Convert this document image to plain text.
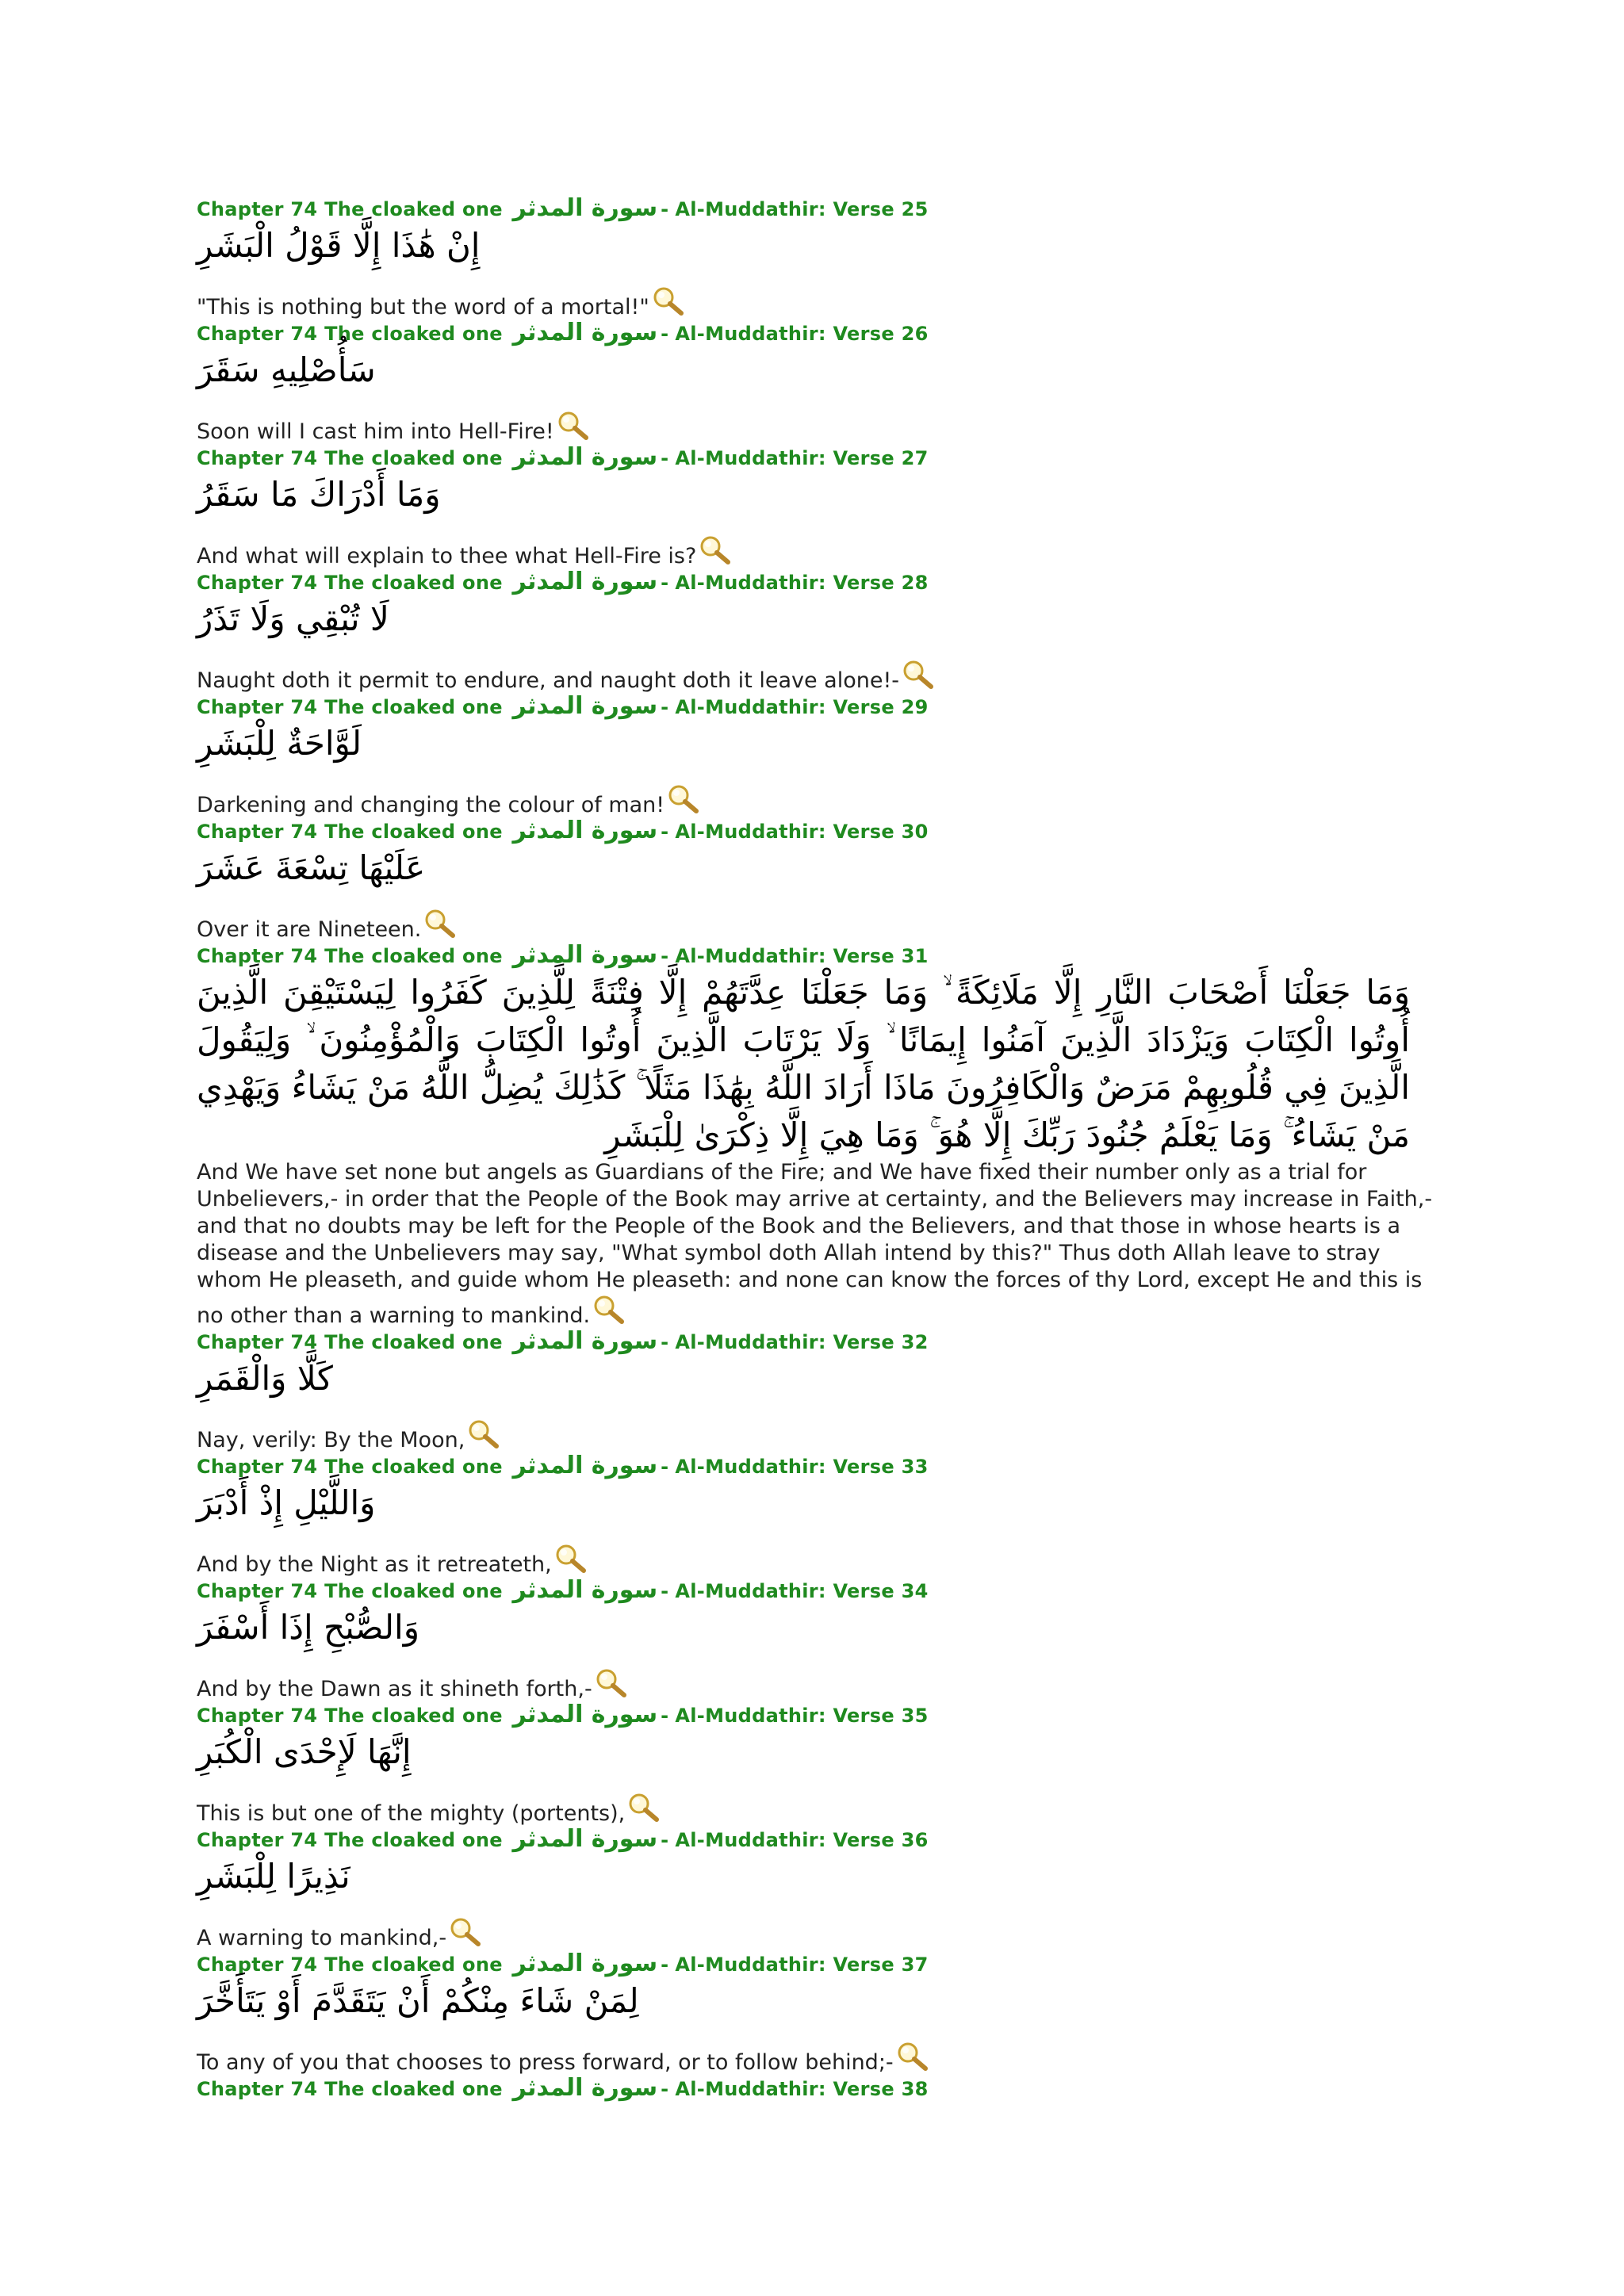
Chapter 74 The cloaked one سورة المدثر - Al-Muddathir: Verse 25
إِنْ هَٰذَا إِلَّا قَوْلُ الْبَشَرِ
"This is nothing but the word of a mortal!"
Chapter 74 The cloaked one سورة المدثر - Al-Muddathir: Verse 26
سَأُصْلِيهِ سَقَرَ
Soon will I cast him into Hell-Fire!
Chapter 74 The cloaked one سورة المدثر - Al-Muddathir: Verse 27
وَمَا أَدْرَاكَ مَا سَقَرُ
And what will explain to thee what Hell-Fire is?
Chapter 74 The cloaked one سورة المدثر - Al-Muddathir: Verse 28
لَا تُبْقِي وَلَا تَذَرُ
Naught doth it permit to endure, and naught doth it leave alone!-
Chapter 74 The cloaked one سورة المدثر - Al-Muddathir: Verse 29
لَوَّاحَةٌ لِلْبَشَرِ
Darkening and changing the colour of man!
Chapter 74 The cloaked one سورة المدثر - Al-Muddathir: Verse 30
عَلَيْهَا تِسْعَةَ عَشَرَ
Over it are Nineteen.
Chapter 74 The cloaked one سورة المدثر - Al-Muddathir: Verse 31
وَمَا جَعَلْنَا أَصْحَابَ النَّارِ إِلَّا مَلَائِكَةً ۙ وَمَا جَعَلْنَا عِدَّتَهُمْ إِلَّا فِتْنَةً لِلَّذِينَ كَفَرُوا لِيَسْتَيْقِنَ الَّذِينَ أُوتُوا الْكِتَابَ وَيَزْدَادَ الَّذِينَ آمَنُوا إِيمَانًا ۙ وَلَا يَرْتَابَ الَّذِينَ أُوتُوا الْكِتَابَ وَالْمُؤْمِنُونَ ۙ وَلِيَقُولَ الَّذِينَ فِي قُلُوبِهِمْ مَرَضٌ وَالْكَافِرُونَ مَاذَا أَرَادَ اللَّهُ بِهَٰذَا مَثَلًا ۚ كَذَٰلِكَ يُضِلُّ اللَّهُ مَنْ يَشَاءُ وَيَهْدِي مَنْ يَشَاءُ ۚ وَمَا يَعْلَمُ جُنُودَ رَبِّكَ إِلَّا هُوَ ۚ وَمَا هِيَ إِلَّا ذِكْرَىٰ لِلْبَشَرِ
And We have set none but angels as Guardians of the Fire; and We have fixed their number only as a trial for Unbelievers,- in order that the People of the Book may arrive at certainty, and the Believers may increase in Faith,- and that no doubts may be left for the People of the Book and the Believers, and that those in whose hearts is a disease and the Unbelievers may say, "What symbol doth Allah intend by this?" Thus doth Allah leave to stray whom He pleaseth, and guide whom He pleaseth: and none can know the forces of thy Lord, except He and this is no other than a warning to mankind.
Chapter 74 The cloaked one سورة المدثر - Al-Muddathir: Verse 32
كَلَّا وَالْقَمَرِ
Nay, verily: By the Moon,
Chapter 74 The cloaked one سورة المدثر - Al-Muddathir: Verse 33
وَاللَّيْلِ إِذْ أَدْبَرَ
And by the Night as it retreateth,
Chapter 74 The cloaked one سورة المدثر - Al-Muddathir: Verse 34
وَالصُّبْحِ إِذَا أَسْفَرَ
And by the Dawn as it shineth forth,-
Chapter 74 The cloaked one سورة المدثر - Al-Muddathir: Verse 35
إِنَّهَا لَإِحْدَى الْكُبَرِ
This is but one of the mighty (portents),
Chapter 74 The cloaked one سورة المدثر - Al-Muddathir: Verse 36
نَذِيرًا لِلْبَشَرِ
A warning to mankind,-
Chapter 74 The cloaked one سورة المدثر - Al-Muddathir: Verse 37
لِمَنْ شَاءَ مِنْكُمْ أَنْ يَتَقَدَّمَ أَوْ يَتَأَخَّرَ
To any of you that chooses to press forward, or to follow behind;-
Chapter 74 The cloaked one سورة المدثر - Al-Muddathir: Verse 38
